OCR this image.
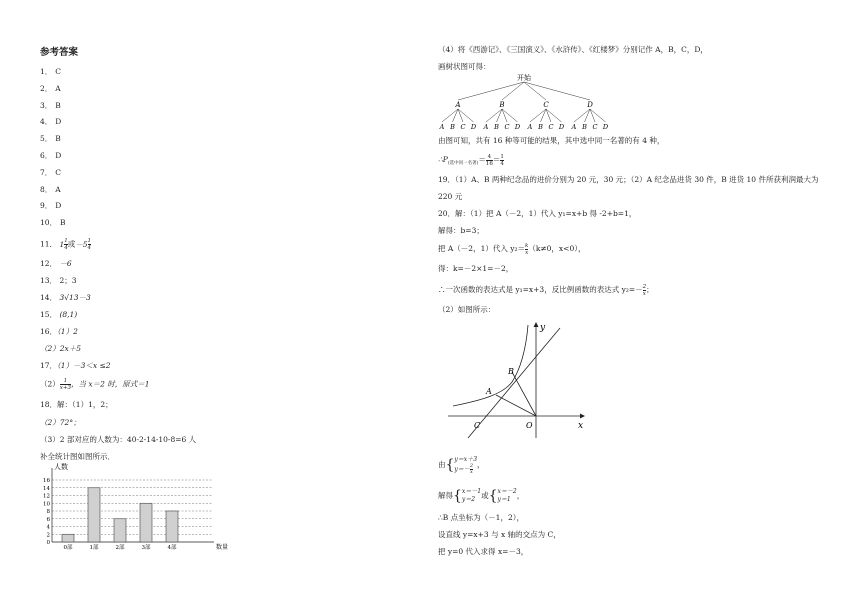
参考答案
1． C
2． A
3． B
4． D
5． B
6． D
7． C
8． A
9． D
10． B
11． $1 \frac{1}{4}$ 或$-5 \frac{1}{4}$
12． －6
13． 2；3
14． 3√13－3
15． (8,1)
16．（1）2
（2）2x＋5
17．（1）－3＜x ≤2
$(2) \frac{1}{x+3}$ ，当 x＝2 时，原式＝1
18．解：（1）1，2；
（2）72°；
（3）2 部对应的人数为：40-2-14-10-8=6 人
补全统计图如图所示．
人数
0
2
4
6
8
10
12
14
16
0部	1部	2部	3部	4部	数量
（4）将《西游记》、《三国演义》、《水浒传》、《红楼梦》分别记作 A，B，C，D，
画树状图可得：
开始
A
A B C D
B
A B C D
C
A B C D
D
A B C D
由图可知，共有 16 种等可能的结果，其中选中同一名著的有 4 种，
$\therefore P_{(选中同一名著)}= \frac{4}{16} = \frac{1}{4}$
19．（1）A、B 两种纪念品的进价分别为 20 元，30 元；（2）A 纪念品进货 30 件，B 进货 10 件所获利润最大为
220 元
20．解：（1）把 A（－2，1）代入 y₁=x+b 得 -2+b=1，
解得：b=3；
把 A（－2，1）代入 $y_2= \frac{k}{x} (k\ne 0$，x<0），
得：k=－2×1=－2，
∴一次函数的表达式是 y₁=x+3，反比例函数的表达式 $y_2=- \frac{2}{x}$ ；
（2）如图所示：
y
x
A
B
C	O
由{ y＝x＋3
$y=- \frac{2}{x}$ ，
解得{ x＝－1
y＝2 或{ x＝－2
y＝1 ，
∴B 点坐标为（－1，2），
设直线 y=x+3 与 x 轴的交点为 C，
把 y=0 代入求得 x=－3，
